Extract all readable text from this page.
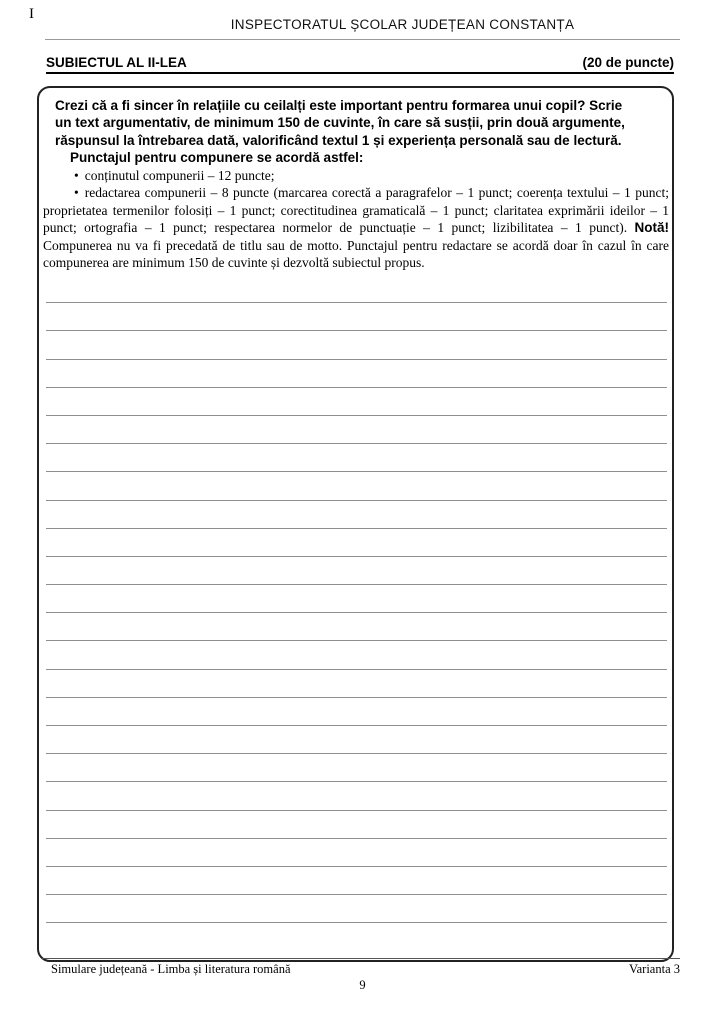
I
INSPECTORATUL ȘCOLAR JUDEȚEAN CONSTANȚA
SUBIECTUL AL II-LEA	(20 de puncte)

Crezi că a fi sincer în relațiile cu ceilalți este important pentru formarea unui copil? Scrie un text argumentativ, de minimum 150 de cuvinte, în care să susții, prin două argumente, răspunsul la întrebarea dată, valorificând textul 1 și experiența personală sau de lectură.

Punctajul pentru compunere se acordă astfel:

• conținutul compunerii – 12 puncte;

• redactarea compunerii – 8 puncte (marcarea corectă a paragrafelor – 1 punct; coerența textului – 1 punct; proprietatea termenilor folosiți – 1 punct; corectitudinea gramaticală – 1 punct; claritatea exprimării ideilor – 1 punct; ortografia – 1 punct; respectarea normelor de punctuație – 1 punct; lizibilitatea – 1 punct). Notă! Compunerea nu va fi precedată de titlu sau de motto. Punctajul pentru redactare se acordă doar în cazul în care compunerea are minimum 150 de cuvinte și dezvoltă subiectul propus.

Simulare județeană - Limba și literatura română	Varianta 3
9
